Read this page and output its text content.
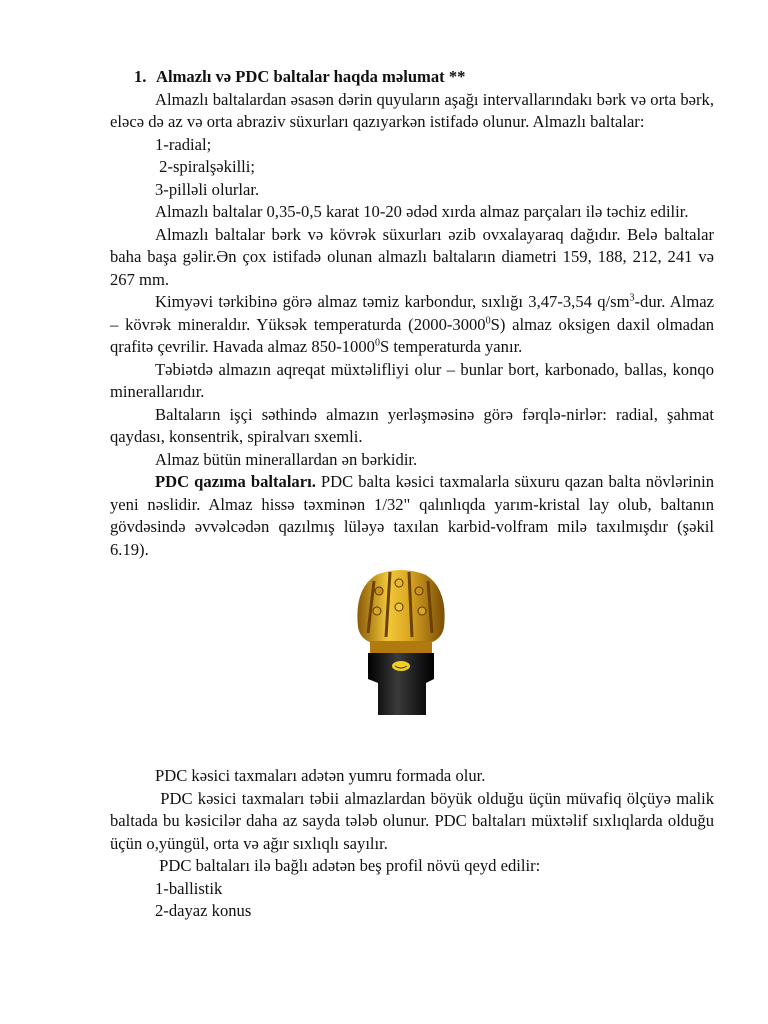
1. Almazlı və PDC baltalar haqda məlumat **

Almazlı baltalardan əsasən dərin quyuların aşağı intervallarındakı bərk və orta bərk, eləcə də az və orta abraziv süxurları qazıyarkən istifadə olunur. Almazlı baltalar:

1-radial;

2-spiralşəkilli;

3-pilləli olurlar.

Almazlı baltalar 0,35-0,5 karat 10-20 ədəd xırda almaz parçaları ilə təchiz edilir.

Almazlı baltalar bərk və kövrək süxurları əzib ovxalayaraq dağıdır. Belə baltalar baha başa gəlir.Ən çox istifadə olunan almazlı baltaların diametri 159, 188, 212, 241 və 267 mm.

Kimyəvi tərkibinə görə almaz təmiz karbondur, sıxlığı 3,47-3,54 $q/sm^3$-dur. Almaz – kövrək mineraldır. Yüksək temperaturda (2000-3000$^0$S) almaz oksigen daxil olmadan qrafitə çevrilir. Havada almaz 850-1000$^0$S temperaturda yanır.

Təbiətdə almazın aqreqat müxtəlifliyi olur – bunlar bort, karbonado, ballas, konqo minerallarıdır.

Baltaların işçi səthində almazın yerləşməsinə görə fərqlə-nirlər: radial, şahmat qaydası, konsentrik, spiralvarı sxemli.

Almaz bütün minerallardan ən bərkidir.

PDC qazıma baltaları. PDC balta kəsici taxmalarla süxuru qazan balta növlərinin yeni nəslidir. Almaz hissə təxminən 1/32" qalınlıqda yarım-kristal lay olub, baltanın gövdəsində əvvəlcədən qazılmış lüləyə taxılan karbid-volfram milə taxılmışdır (şəkil 6.19).

PDC kəsici taxmaları adətən yumru formada olur.

PDC kəsici taxmaları təbii almazlardan böyük olduğu üçün müvafiq ölçüyə malik baltada bu kəsicilər daha az sayda tələb olunur. PDC baltaları müxtəlif sıxlıqlarda olduğu  üçün o,yüngül, orta və ağır sıxlıqlı sayılır.

PDC baltaları ilə bağlı adətən beş profil növü qeyd edilir:

1-ballistik

2-dayaz konus
